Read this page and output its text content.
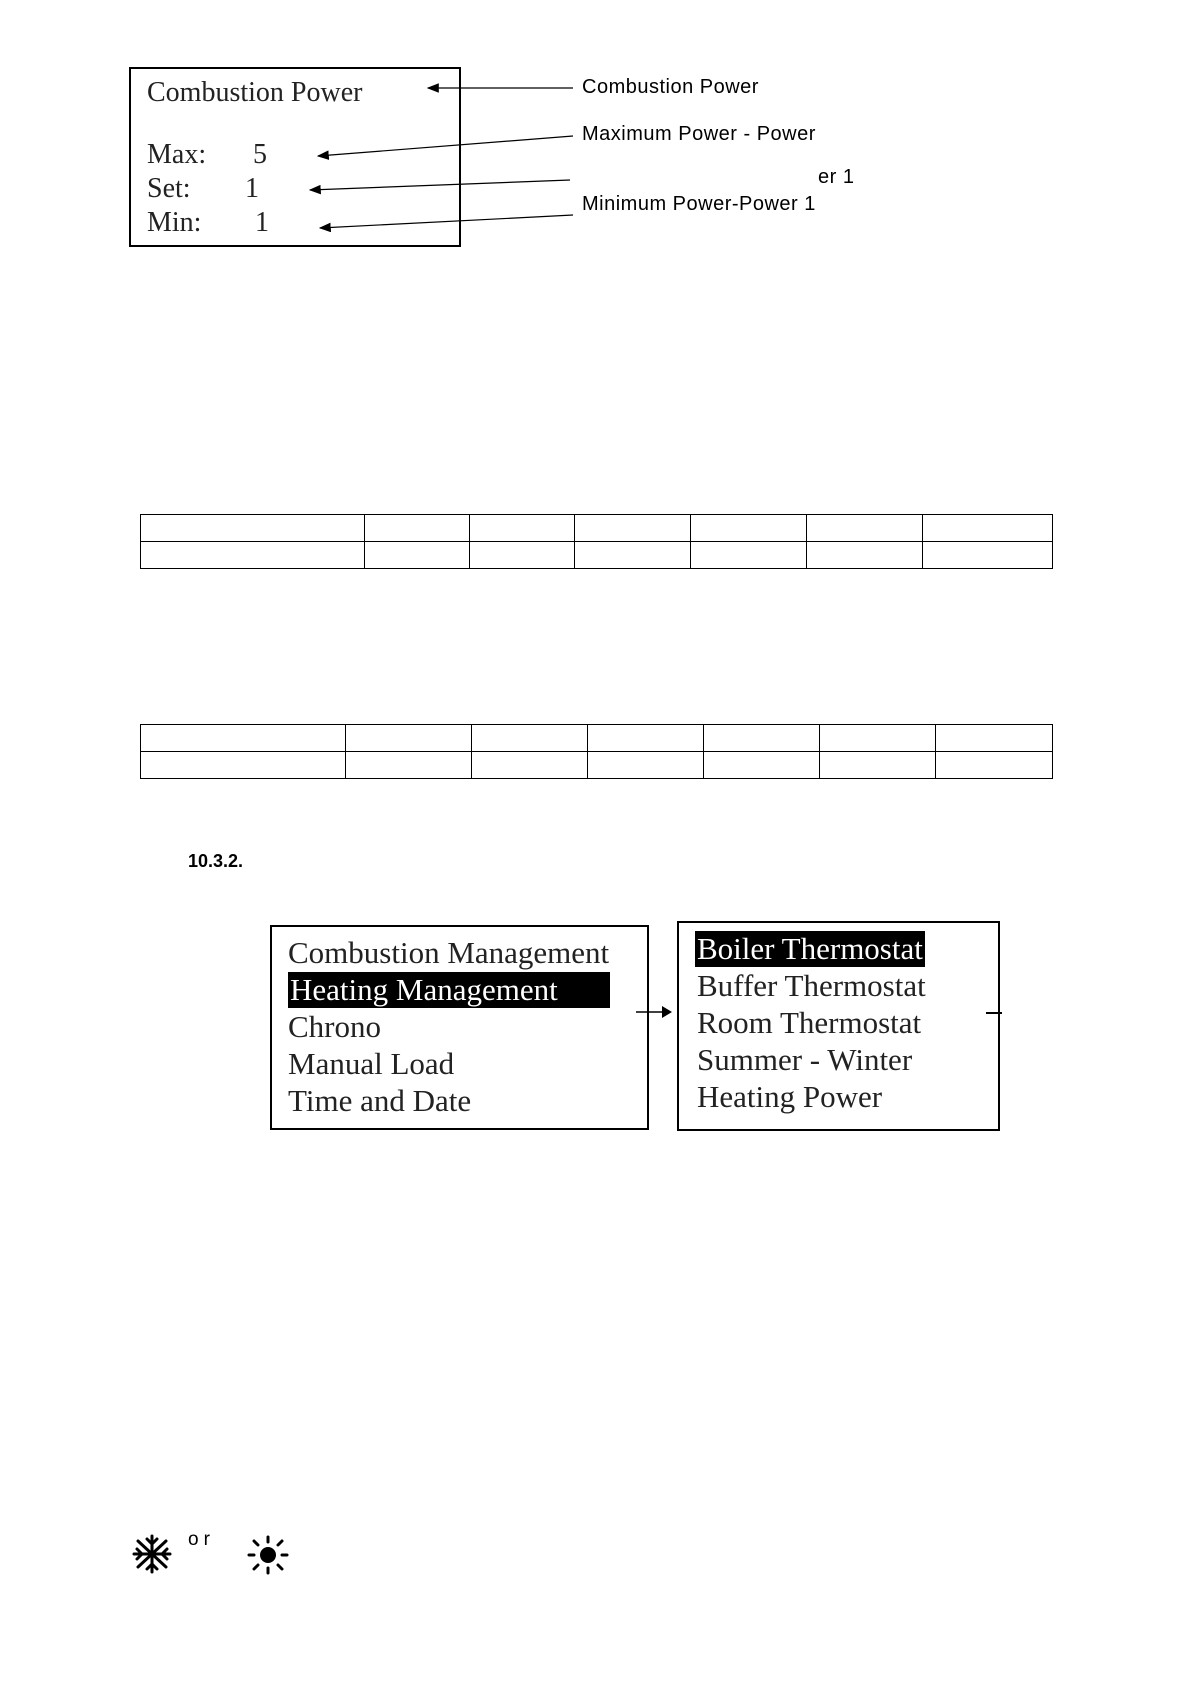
Combustion Power
Max: 5
Set: 1
Min: 1
Combustion Power
Maximum Power - Power
er 1
Minimum Power-Power 1

10.3.2.
Combustion Management
Heating Management
Chrono
Manual Load
Time and Date
Boiler Thermostat
Buffer Thermostat
Room Thermostat
Summer - Winter
Heating Power
or
